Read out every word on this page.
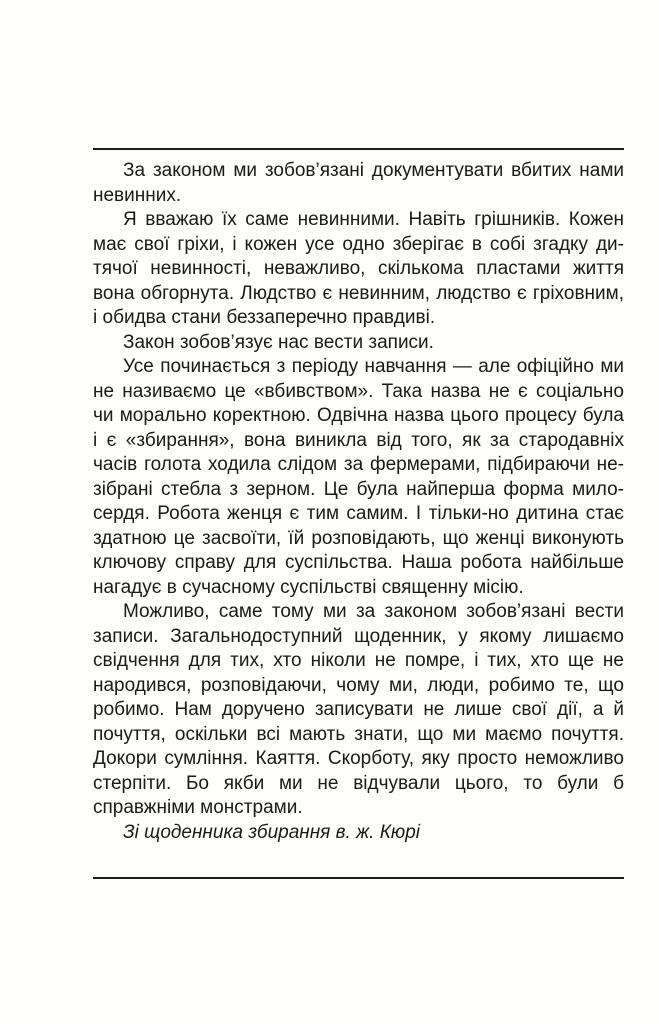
За законом ми зобов’язані документувати вбитих нами невинних.

Я вважаю їх саме невинними. Навіть грішників. Кожен має свої гріхи, і кожен усе одно зберігає в собі згадку дитячої невинності, неважливо, скількома пластами життя вона обгорнута. Людство є невинним, людство є гріховним, і обидва стани беззаперечно правдиві.

Закон зобов’язує нас вести записи.

Усе починається з періоду навчання — але офіційно ми не називаємо це «вбивством». Така назва не є соціально чи морально коректною. Одвічна назва цього процесу була і є «збирання», вона виникла від того, як за стародавніх часів голота ходила слідом за фермерами, підбираючи незібрані стебла з зерном. Це була найперша форма милосердя. Робота женця є тим самим. І тільки-но дитина стає здатною це засвоїти, їй розповідають, що женці виконують ключову справу для суспільства. Наша робота найбільше нагадує в сучасному суспільстві священну місію.

Можливо, саме тому ми за законом зобов’язані вести записи. Загальнодоступний щоденник, у якому лишаємо свідчення для тих, хто ніколи не помре, і тих, хто ще не народився, розповідаючи, чому ми, люди, робимо те, що робимо. Нам доручено записувати не лише свої дії, а й почуття, оскільки всі мають знати, що ми маємо почуття. Докори сумління. Каяття. Скорботу, яку просто неможливо стерпіти. Бо якби ми не відчували цього, то були б справжніми монстрами.

Зі щоденника збирання в. ж. Кюрі
